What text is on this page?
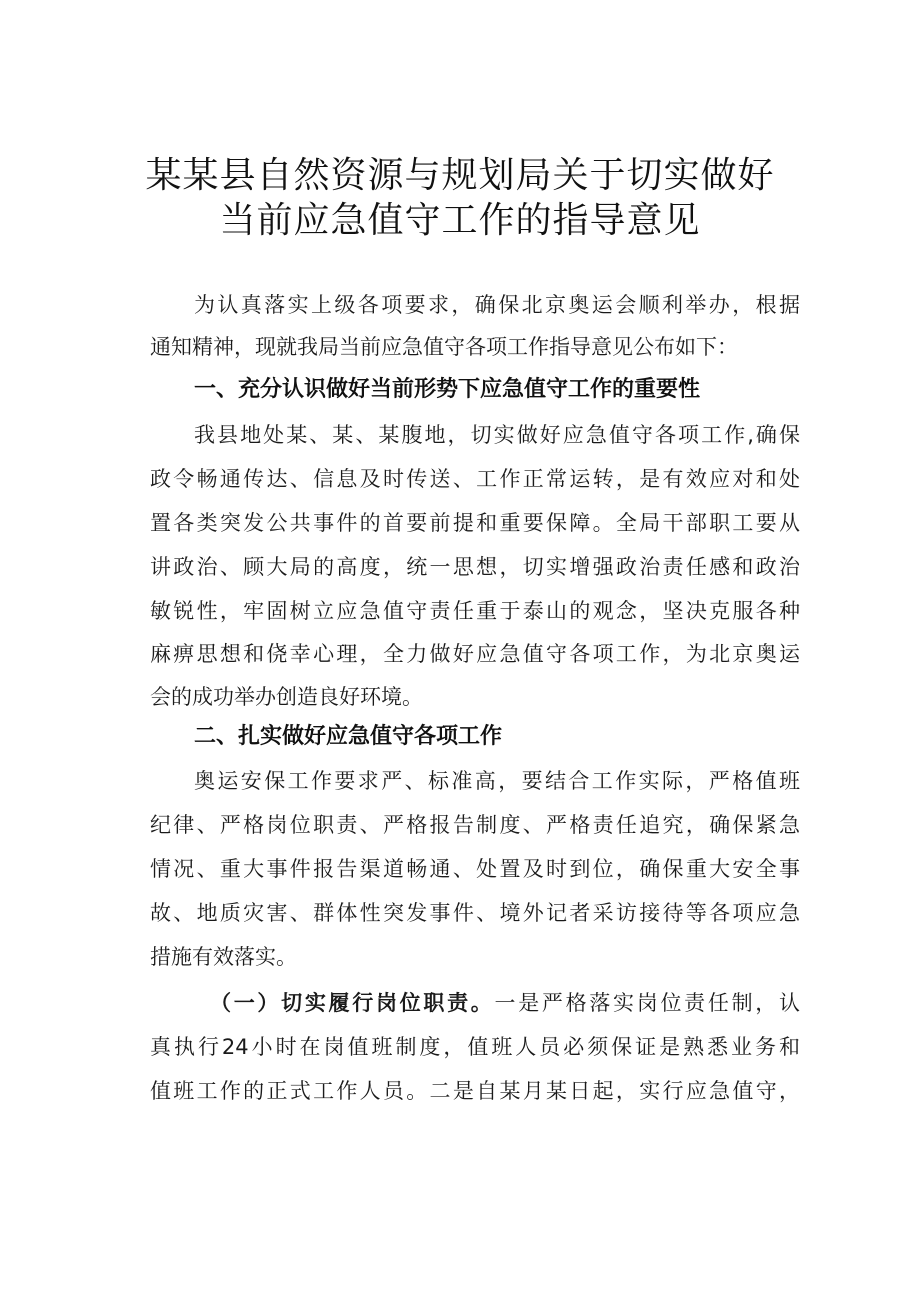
某某县自然资源与规划局关于切实做好
当前应急值守工作的指导意见
为认真落实上级各项要求，确保北京奥运会顺利举办，根据
通知精神，现就我局当前应急值守各项工作指导意见公布如下：
一、充分认识做好当前形势下应急值守工作的重要性
我县地处某、某、某腹地，切实做好应急值守各项工作,确保
政令畅通传达、信息及时传送、工作正常运转，是有效应对和处
置各类突发公共事件的首要前提和重要保障。全局干部职工要从
讲政治、顾大局的高度，统一思想，切实增强政治责任感和政治
敏锐性，牢固树立应急值守责任重于泰山的观念，坚决克服各种
麻痹思想和侥幸心理，全力做好应急值守各项工作，为北京奥运
会的成功举办创造良好环境。
二、扎实做好应急值守各项工作
奥运安保工作要求严、标准高，要结合工作实际，严格值班
纪律、严格岗位职责、严格报告制度、严格责任追究，确保紧急
情况、重大事件报告渠道畅通、处置及时到位，确保重大安全事
故、地质灾害、群体性突发事件、境外记者采访接待等各项应急
措施有效落实。
（一）切实履行岗位职责。一是严格落实岗位责任制，认
真执行24小时在岗值班制度，值班人员必须保证是熟悉业务和
值班工作的正式工作人员。二是自某月某日起，实行应急值守，
